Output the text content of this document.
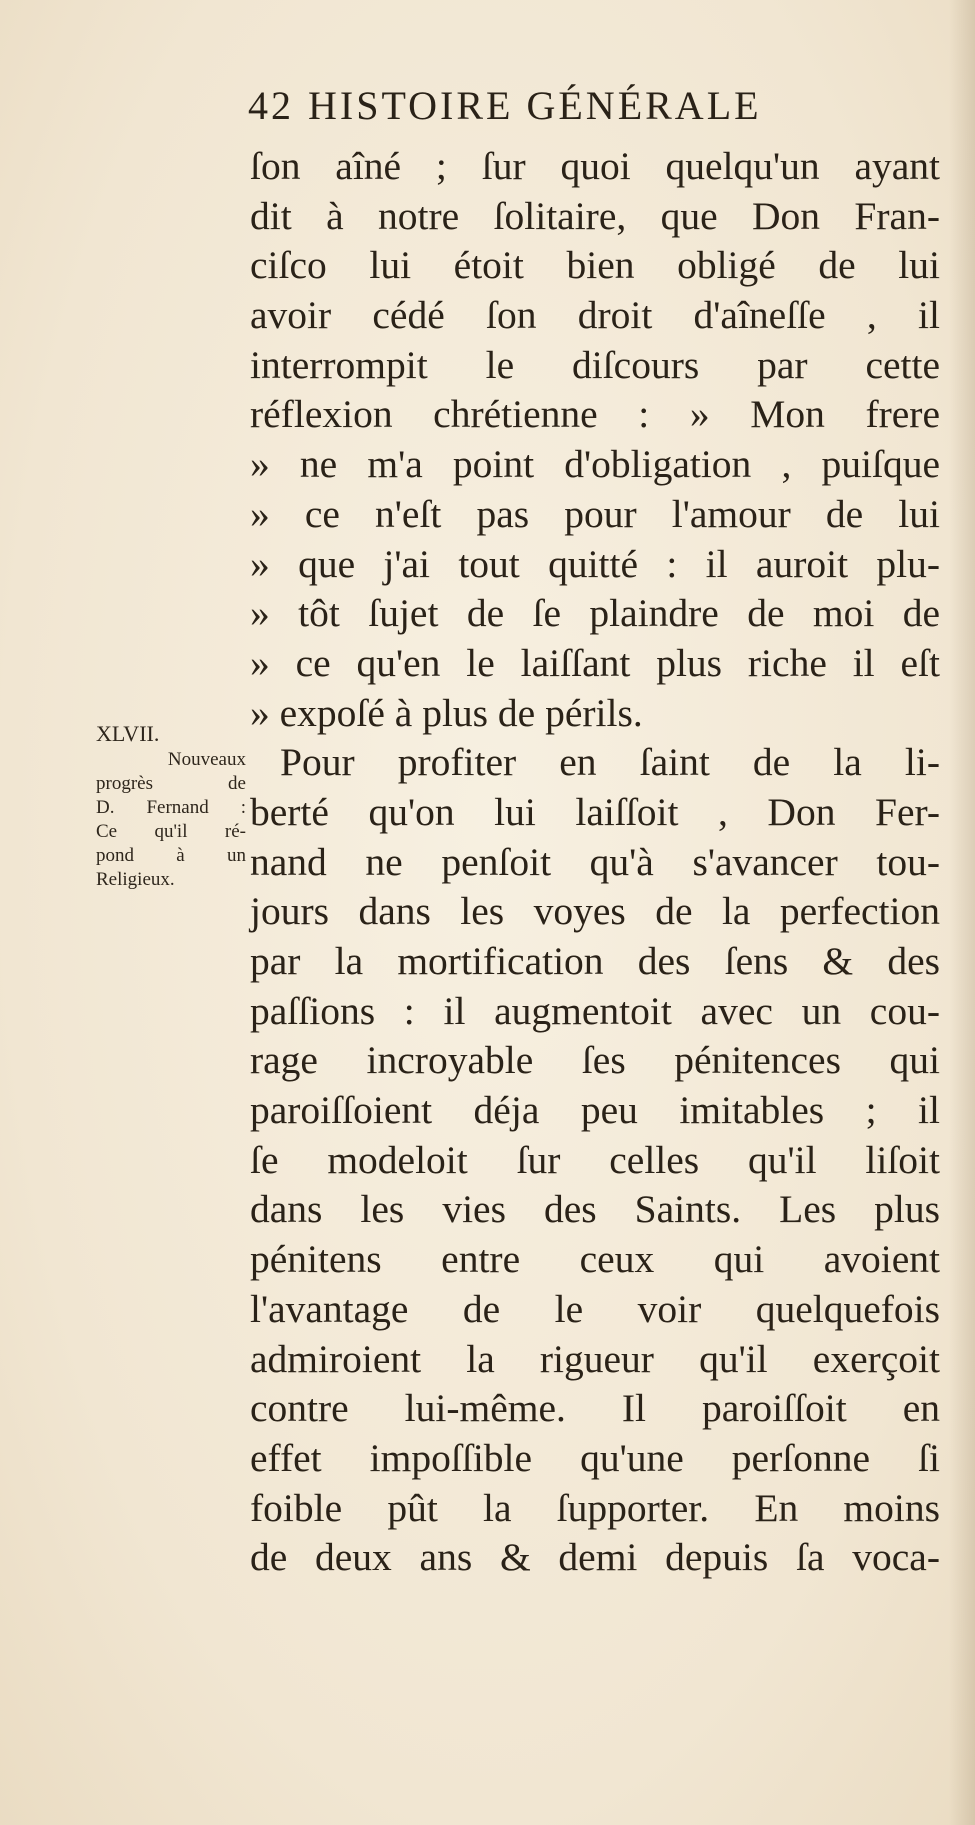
42 HISTOIRE GÉNÉRALE
XLVII.
Nouveaux
progrès de
D. Fernand :
Ce qu'il ré-
pond à un
Religieux.
ſon aîné ; ſur quoi quelqu'un ayant
dit à notre ſolitaire, que Don Fran-
ciſco lui étoit bien obligé de lui
avoir cédé ſon droit d'aîneſſe , il
interrompit le diſcours par cette
réflexion chrétienne : » Mon frere
» ne m'a point d'obligation , puiſque
» ce n'eſt pas pour l'amour de lui
» que j'ai tout quitté : il auroit plu-
» tôt ſujet de ſe plaindre de moi de
» ce qu'en le laiſſant plus riche il eſt
» expoſé à plus de périls.
Pour profiter en ſaint de la li-
berté qu'on lui laiſſoit , Don Fer-
nand ne penſoit qu'à s'avancer tou-
jours dans les voyes de la perfection
par la mortification des ſens & des
paſſions : il augmentoit avec un cou-
rage incroyable ſes pénitences qui
paroiſſoient déja peu imitables ; il
ſe modeloit ſur celles qu'il liſoit
dans les vies des Saints. Les plus
pénitens entre ceux qui avoient
l'avantage de le voir quelquefois
admiroient la rigueur qu'il exerçoit
contre lui-même. Il paroiſſoit en
effet impoſſible qu'une perſonne ſi
foible pût la ſupporter. En moins
de deux ans & demi depuis ſa voca-
